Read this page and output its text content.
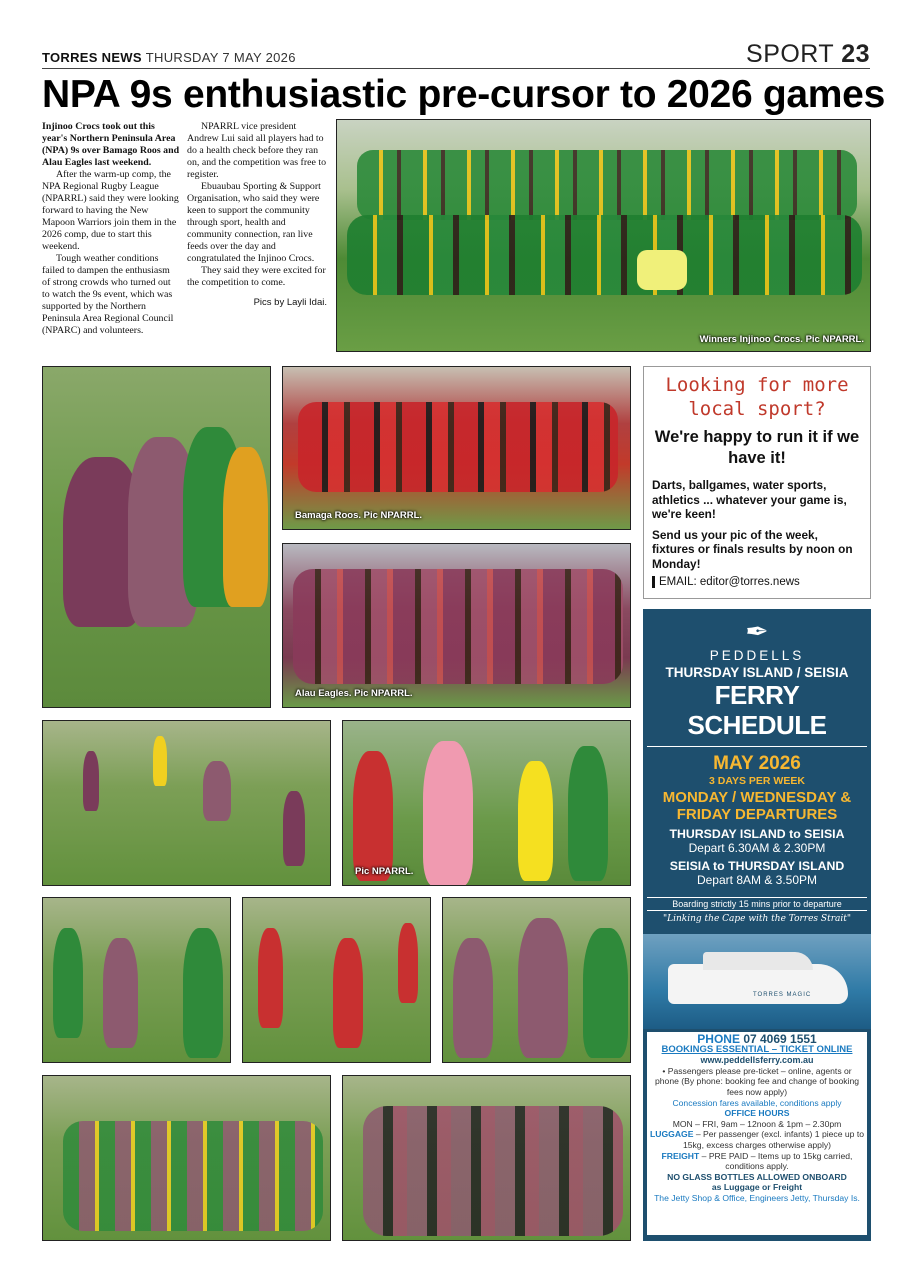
TORRES NEWS THURSDAY 7 MAY 2026	SPORT 23
NPA 9s enthusiastic pre-cursor to 2026 games

Injinoo Crocs took out this year's Northern Peninsula Area (NPA) 9s over Bamago Roos and Alau Eagles last weekend.

After the warm-up comp, the NPA Regional Rugby League (NPARRL) said they were looking forward to having the New Mapoon Warriors join them in the 2026 comp, due to start this weekend.

Tough weather conditions failed to dampen the enthusiasm of strong crowds who turned out to watch the 9s event, which was supported by the Northern Peninsula Area Regional Council (NPARC) and volunteers.

NPARRL vice president Andrew Lui said all players had to do a health check before they ran on, and the competition was free to register.

Ebuaubau Sporting & Support Organisation, who said they were keen to support the community through sport, health and community connection, ran live feeds over the day and congratulated the Injinoo Crocs.

They said they were excited for the competition to come.

Pics by Layli Idai.
Winners Injinoo Crocs. Pic NPARRL.
Bamaga Roos. Pic NPARRL.
Alau Eagles. Pic NPARRL.
Pic NPARRL.
Looking for more local sport?
We're happy to run it if we have it!
Darts, ballgames, water sports, athletics ... whatever your game is, we're keen!
Send us your pic of the week, fixtures or finals results by noon on Monday!
EMAIL: editor@torres.news
✒
PEDDELLS
THURSDAY ISLAND / SEISIA
FERRY SCHEDULE
MAY 2026
3 DAYS PER WEEK
MONDAY / WEDNESDAY & FRIDAY DEPARTURES
THURSDAY ISLAND to SEISIA
Depart 6.30AM & 2.30PM
SEISIA to THURSDAY ISLAND
Depart 8AM & 3.50PM
Boarding strictly 15 mins prior to departure
"Linking the Cape with the Torres Strait"
TORRES MAGIC
PHONE 07 4069 1551
BOOKINGS ESSENTIAL – TICKET ONLINE
www.peddellsferry.com.au
• Passengers please pre-ticket – online, agents or phone (By phone: booking fee and change of booking fees now apply)
Concession fares available, conditions apply
OFFICE HOURS
MON – FRI, 9am – 12noon & 1pm – 2.30pm
LUGGAGE – Per passenger (excl. infants) 1 piece up to 15kg, excess charges otherwise apply)
FREIGHT – PRE PAID – Items up to 15kg carried, conditions apply.
NO GLASS BOTTLES ALLOWED ONBOARD
as Luggage or Freight
The Jetty Shop & Office, Engineers Jetty, Thursday Is.
